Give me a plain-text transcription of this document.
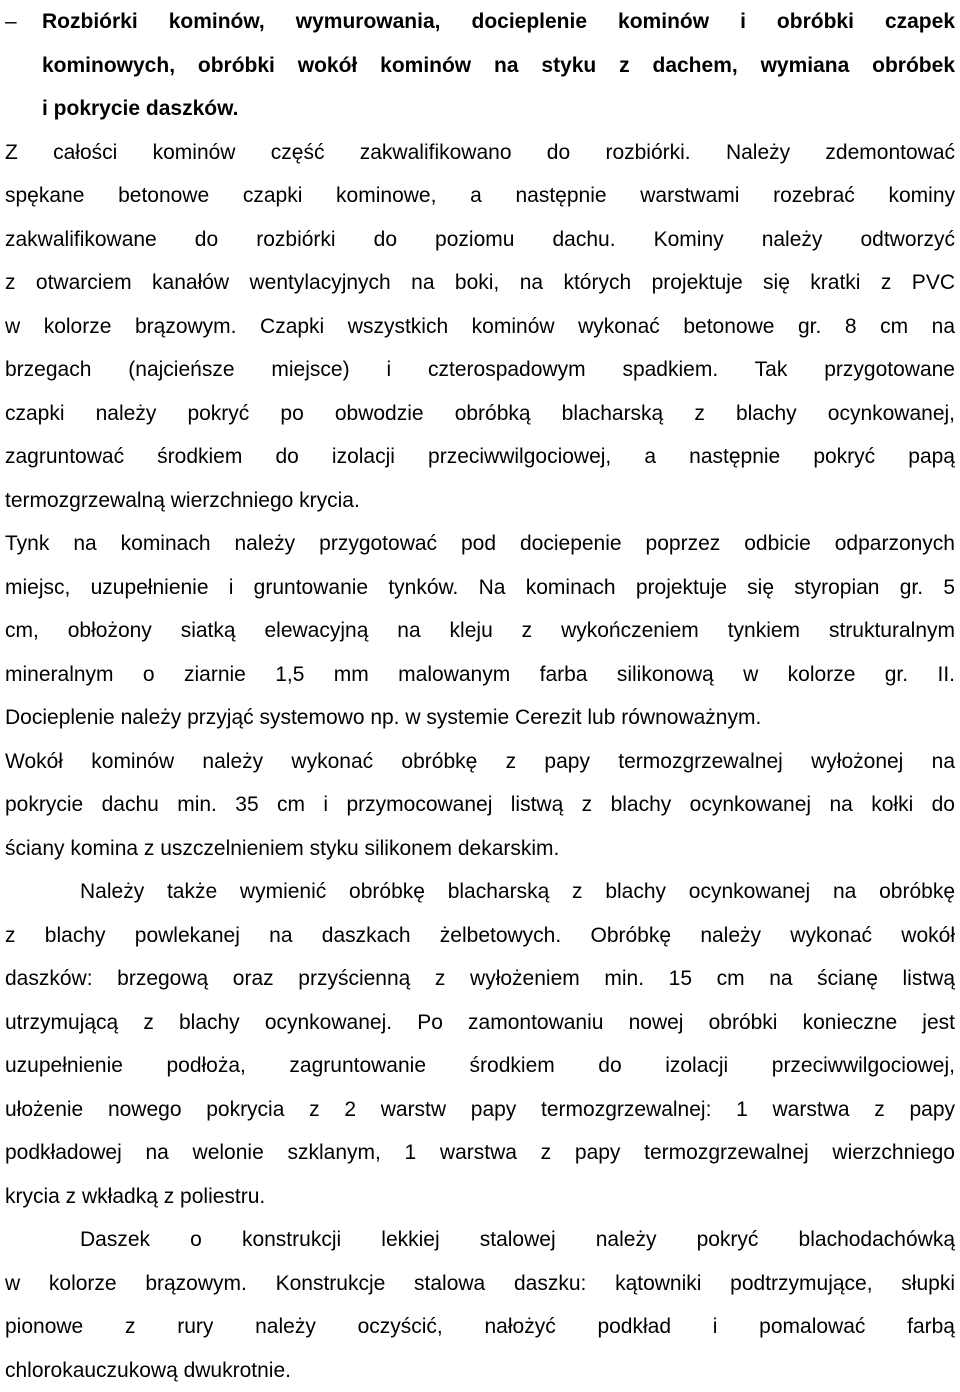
– Rozbiórki kominów, wymurowania, docieplenie kominów i obróbki czapek
kominowych, obróbki wokół kominów na styku z dachem, wymiana obróbek
i pokrycie daszków.
Z całości kominów część zakwalifikowano do rozbiórki. Należy zdemontować
spękane betonowe czapki kominowe, a następnie warstwami rozebrać kominy
zakwalifikowane do rozbiórki do poziomu dachu. Kominy należy odtworzyć
z otwarciem kanałów wentylacyjnych na boki, na których projektuje się kratki z PVC
w kolorze brązowym. Czapki wszystkich kominów wykonać betonowe gr. 8 cm na
brzegach (najcieńsze miejsce) i czterospadowym spadkiem. Tak przygotowane
czapki należy pokryć po obwodzie obróbką blacharską z blachy ocynkowanej,
zagruntować środkiem do izolacji przeciwwilgociowej, a następnie pokryć papą
termozgrzewalną wierzchniego krycia.
Tynk na kominach należy przygotować pod dociepenie poprzez odbicie odparzonych
miejsc, uzupełnienie i gruntowanie tynków. Na kominach projektuje się styropian gr. 5
cm, obłożony siatką elewacyjną na kleju z wykończeniem tynkiem strukturalnym
mineralnym o ziarnie 1,5 mm malowanym farba silikonową w kolorze gr. II.
Docieplenie należy przyjąć systemowo np. w systemie Cerezit lub równoważnym.
Wokół kominów należy wykonać obróbkę z papy termozgrzewalnej wyłożonej na
pokrycie dachu min. 35 cm i przymocowanej listwą z blachy ocynkowanej na kołki do
ściany komina z uszczelnieniem styku silikonem dekarskim.
Należy także wymienić obróbkę blacharską z blachy ocynkowanej na obróbkę
z blachy powlekanej na daszkach żelbetowych. Obróbkę należy wykonać wokół
daszków: brzegową oraz przyścienną z wyłożeniem min. 15 cm na ścianę listwą
utrzymującą z blachy ocynkowanej. Po zamontowaniu nowej obróbki konieczne jest
uzupełnienie podłoża, zagruntowanie środkiem do izolacji przeciwwilgociowej,
ułożenie nowego pokrycia z 2 warstw papy termozgrzewalnej: 1 warstwa z papy
podkładowej na welonie szklanym, 1 warstwa z papy termozgrzewalnej wierzchniego
krycia z wkładką z poliestru.
Daszek o konstrukcji lekkiej stalowej należy pokryć blachodachówką
w kolorze brązowym. Konstrukcje stalowa daszku: kątowniki podtrzymujące, słupki
pionowe z rury należy oczyścić, nałożyć podkład i pomalować farbą
chlorokauczukową dwukrotnie.
